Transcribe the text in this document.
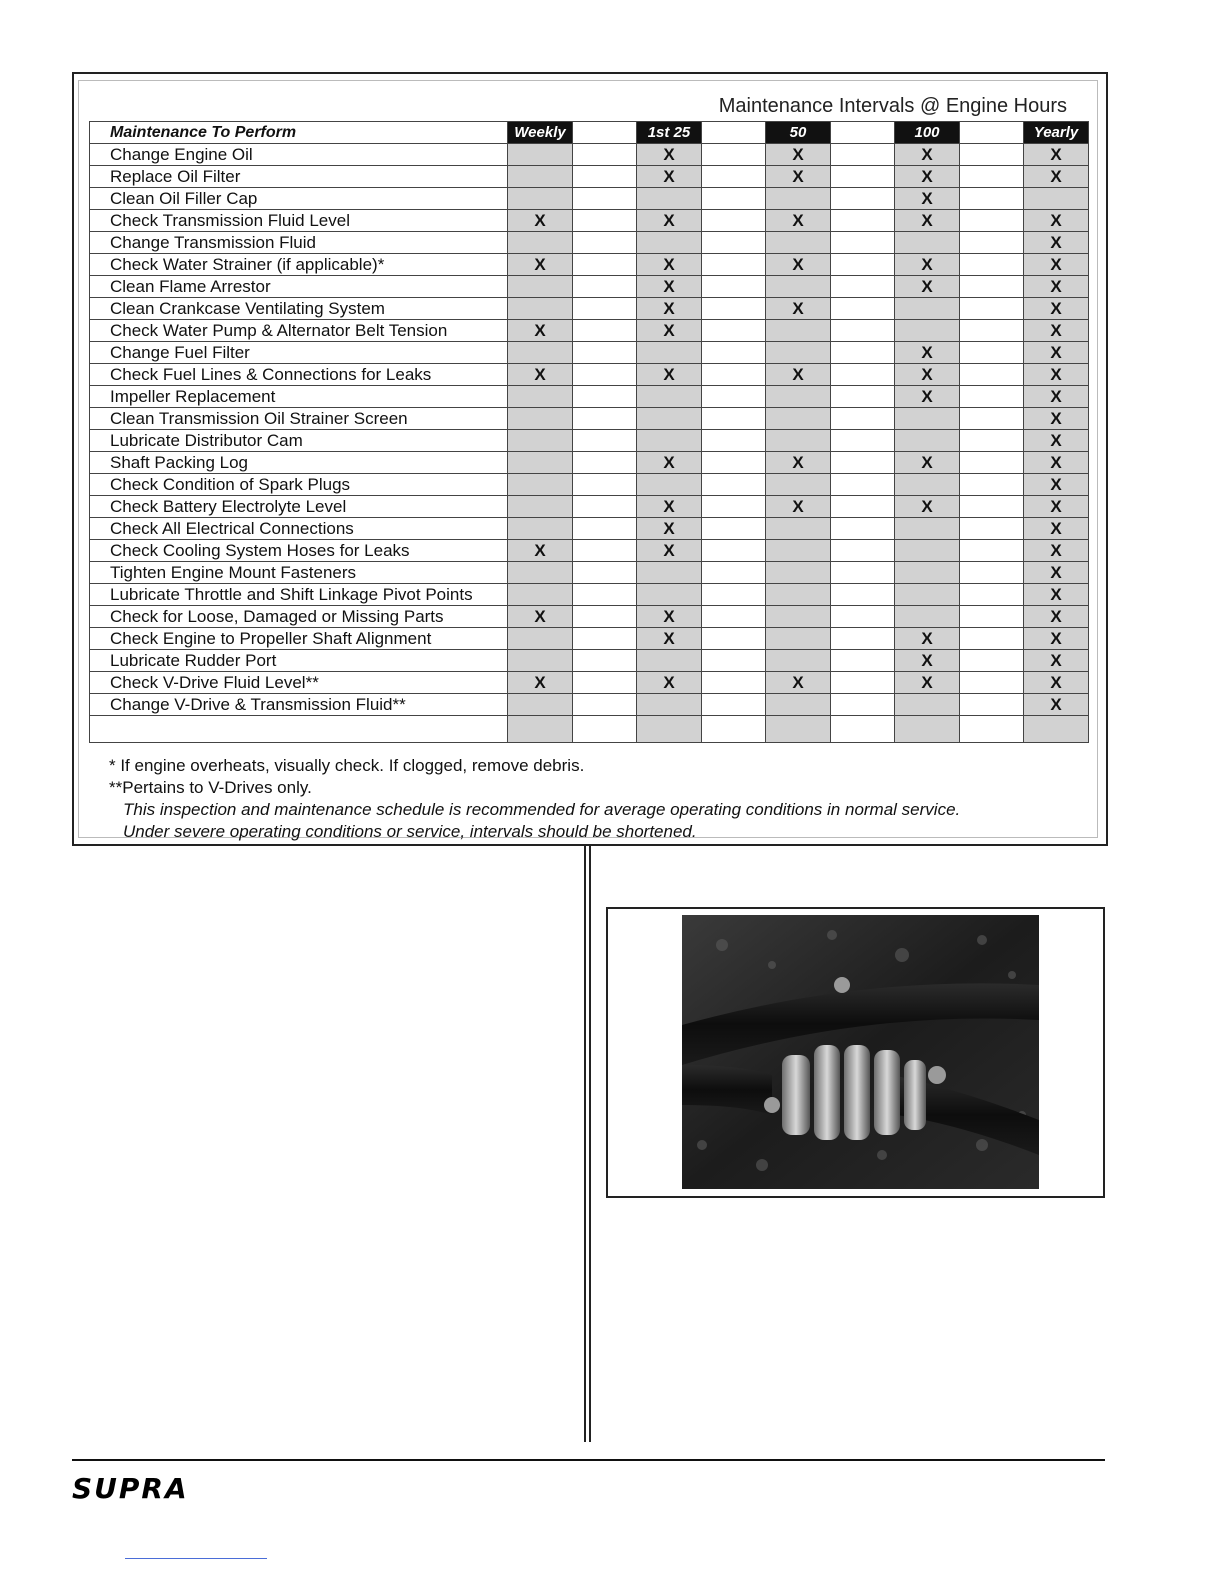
Maintenance Intervals @ Engine Hours
Maintenance To Perform	Weekly		1st 25		50		100		Yearly
Change Engine Oil			X		X		X		X
Replace Oil Filter			X		X		X		X
Clean Oil Filler Cap							X		
Check Transmission Fluid Level	X		X		X		X		X
Change Transmission Fluid									X
Check Water Strainer (if applicable)*	X		X		X		X		X
Clean Flame Arrestor			X				X		X
Clean Crankcase Ventilating System			X		X				X
Check Water Pump & Alternator Belt Tension	X		X						X
Change Fuel Filter							X		X
Check Fuel Lines & Connections for Leaks	X		X		X		X		X
Impeller Replacement							X		X
Clean Transmission Oil Strainer Screen									X
Lubricate Distributor Cam									X
Shaft Packing Log			X		X		X		X
Check Condition of Spark Plugs									X
Check Battery Electrolyte Level			X		X		X		X
Check All Electrical Connections			X						X
Check Cooling System Hoses for Leaks	X		X						X
Tighten Engine Mount Fasteners									X
Lubricate Throttle and Shift Linkage Pivot Points									X
Check for Loose, Damaged or Missing Parts	X		X						X
Check Engine to Propeller Shaft Alignment			X				X		X
Lubricate Rudder Port							X		X
Check V-Drive Fluid Level**	X		X		X		X		X
Change V-Drive & Transmission Fluid**									X

* If engine overheats, visually check. If clogged, remove debris.
**Pertains to V-Drives only.
This inspection and maintenance schedule is recommended for average operating conditions in normal service.
Under severe operating conditions or service, intervals should be shortened.
SUPRA
